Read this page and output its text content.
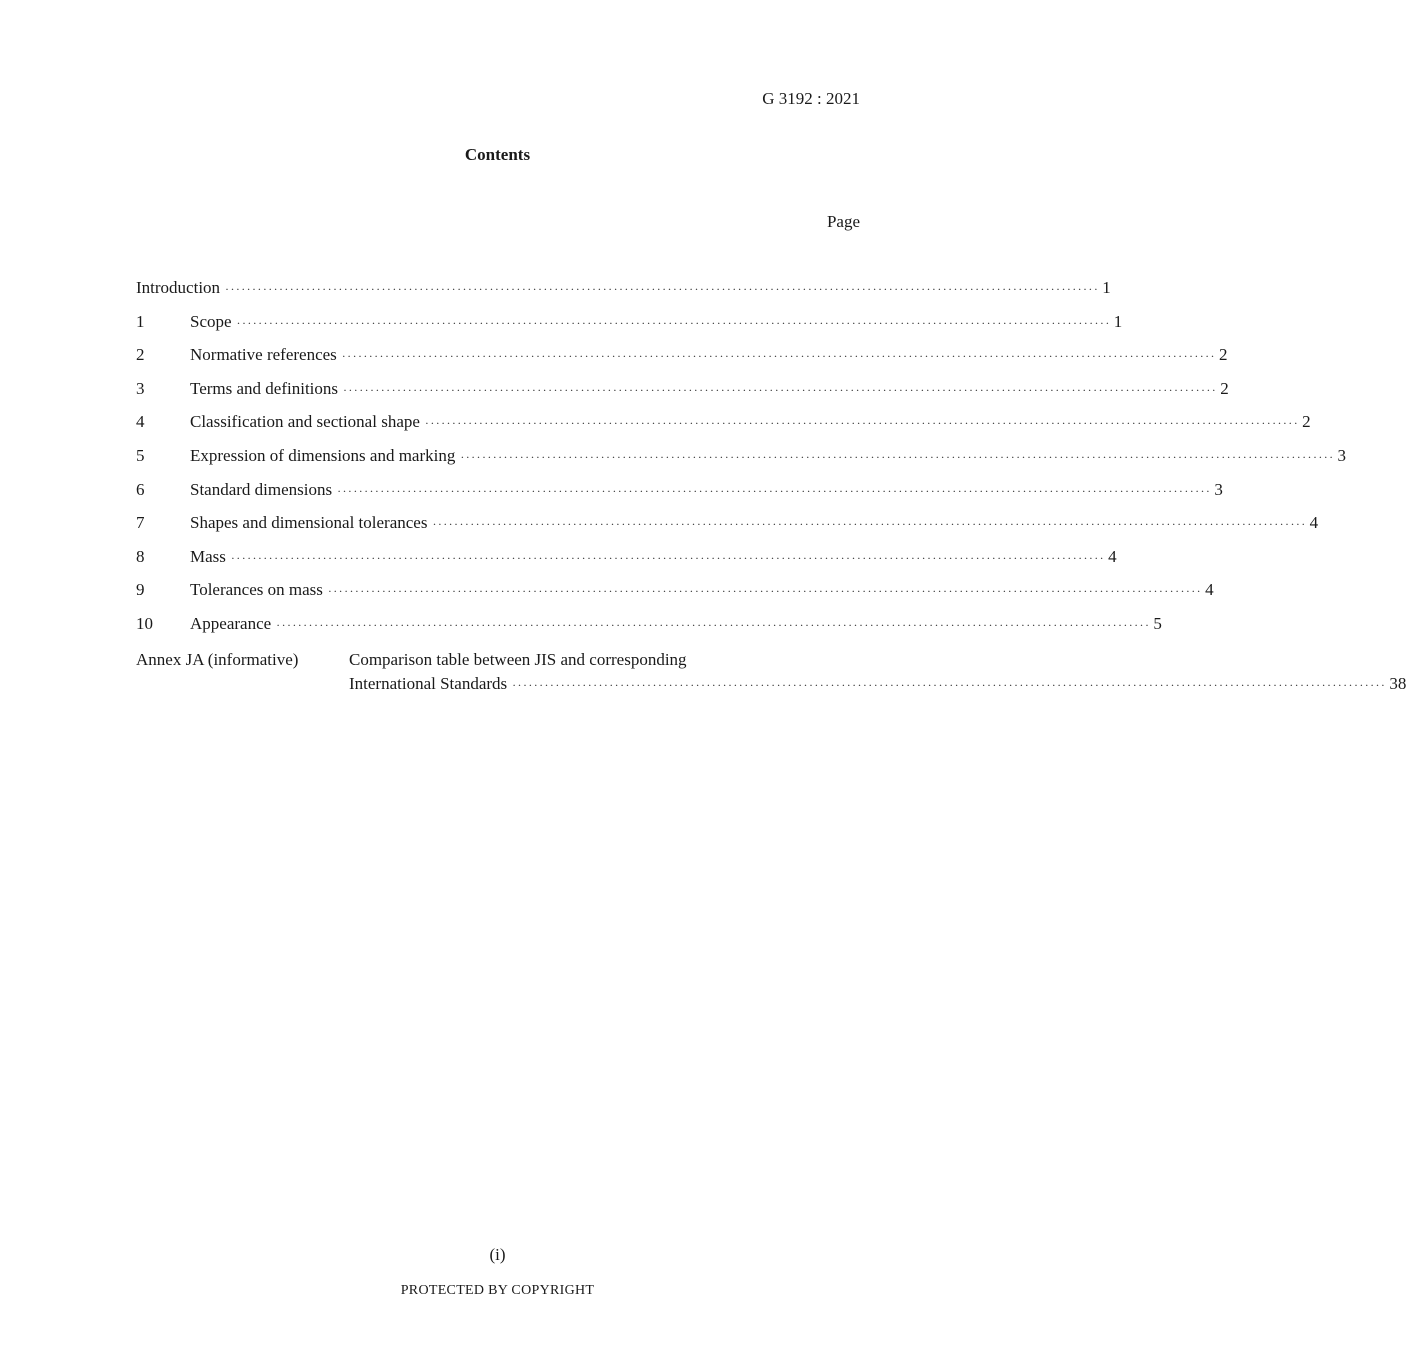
G 3192 : 2021
Contents
Page
Introduction ·····	1
1	Scope ·····	1
2	Normative references ·····	2
3	Terms and definitions ·····	2
4	Classification and sectional shape ·····	2
5	Expression of dimensions and marking ·····	3
6	Standard dimensions ·····	3
7	Shapes and dimensional tolerances ·····	4
8	Mass ·····	4
9	Tolerances on mass ·····	4
10	Appearance ·····	5
Annex JA (informative)	Comparison table between JIS and corresponding
International Standards ·····	38
(i)
PROTECTED BY COPYRIGHT
